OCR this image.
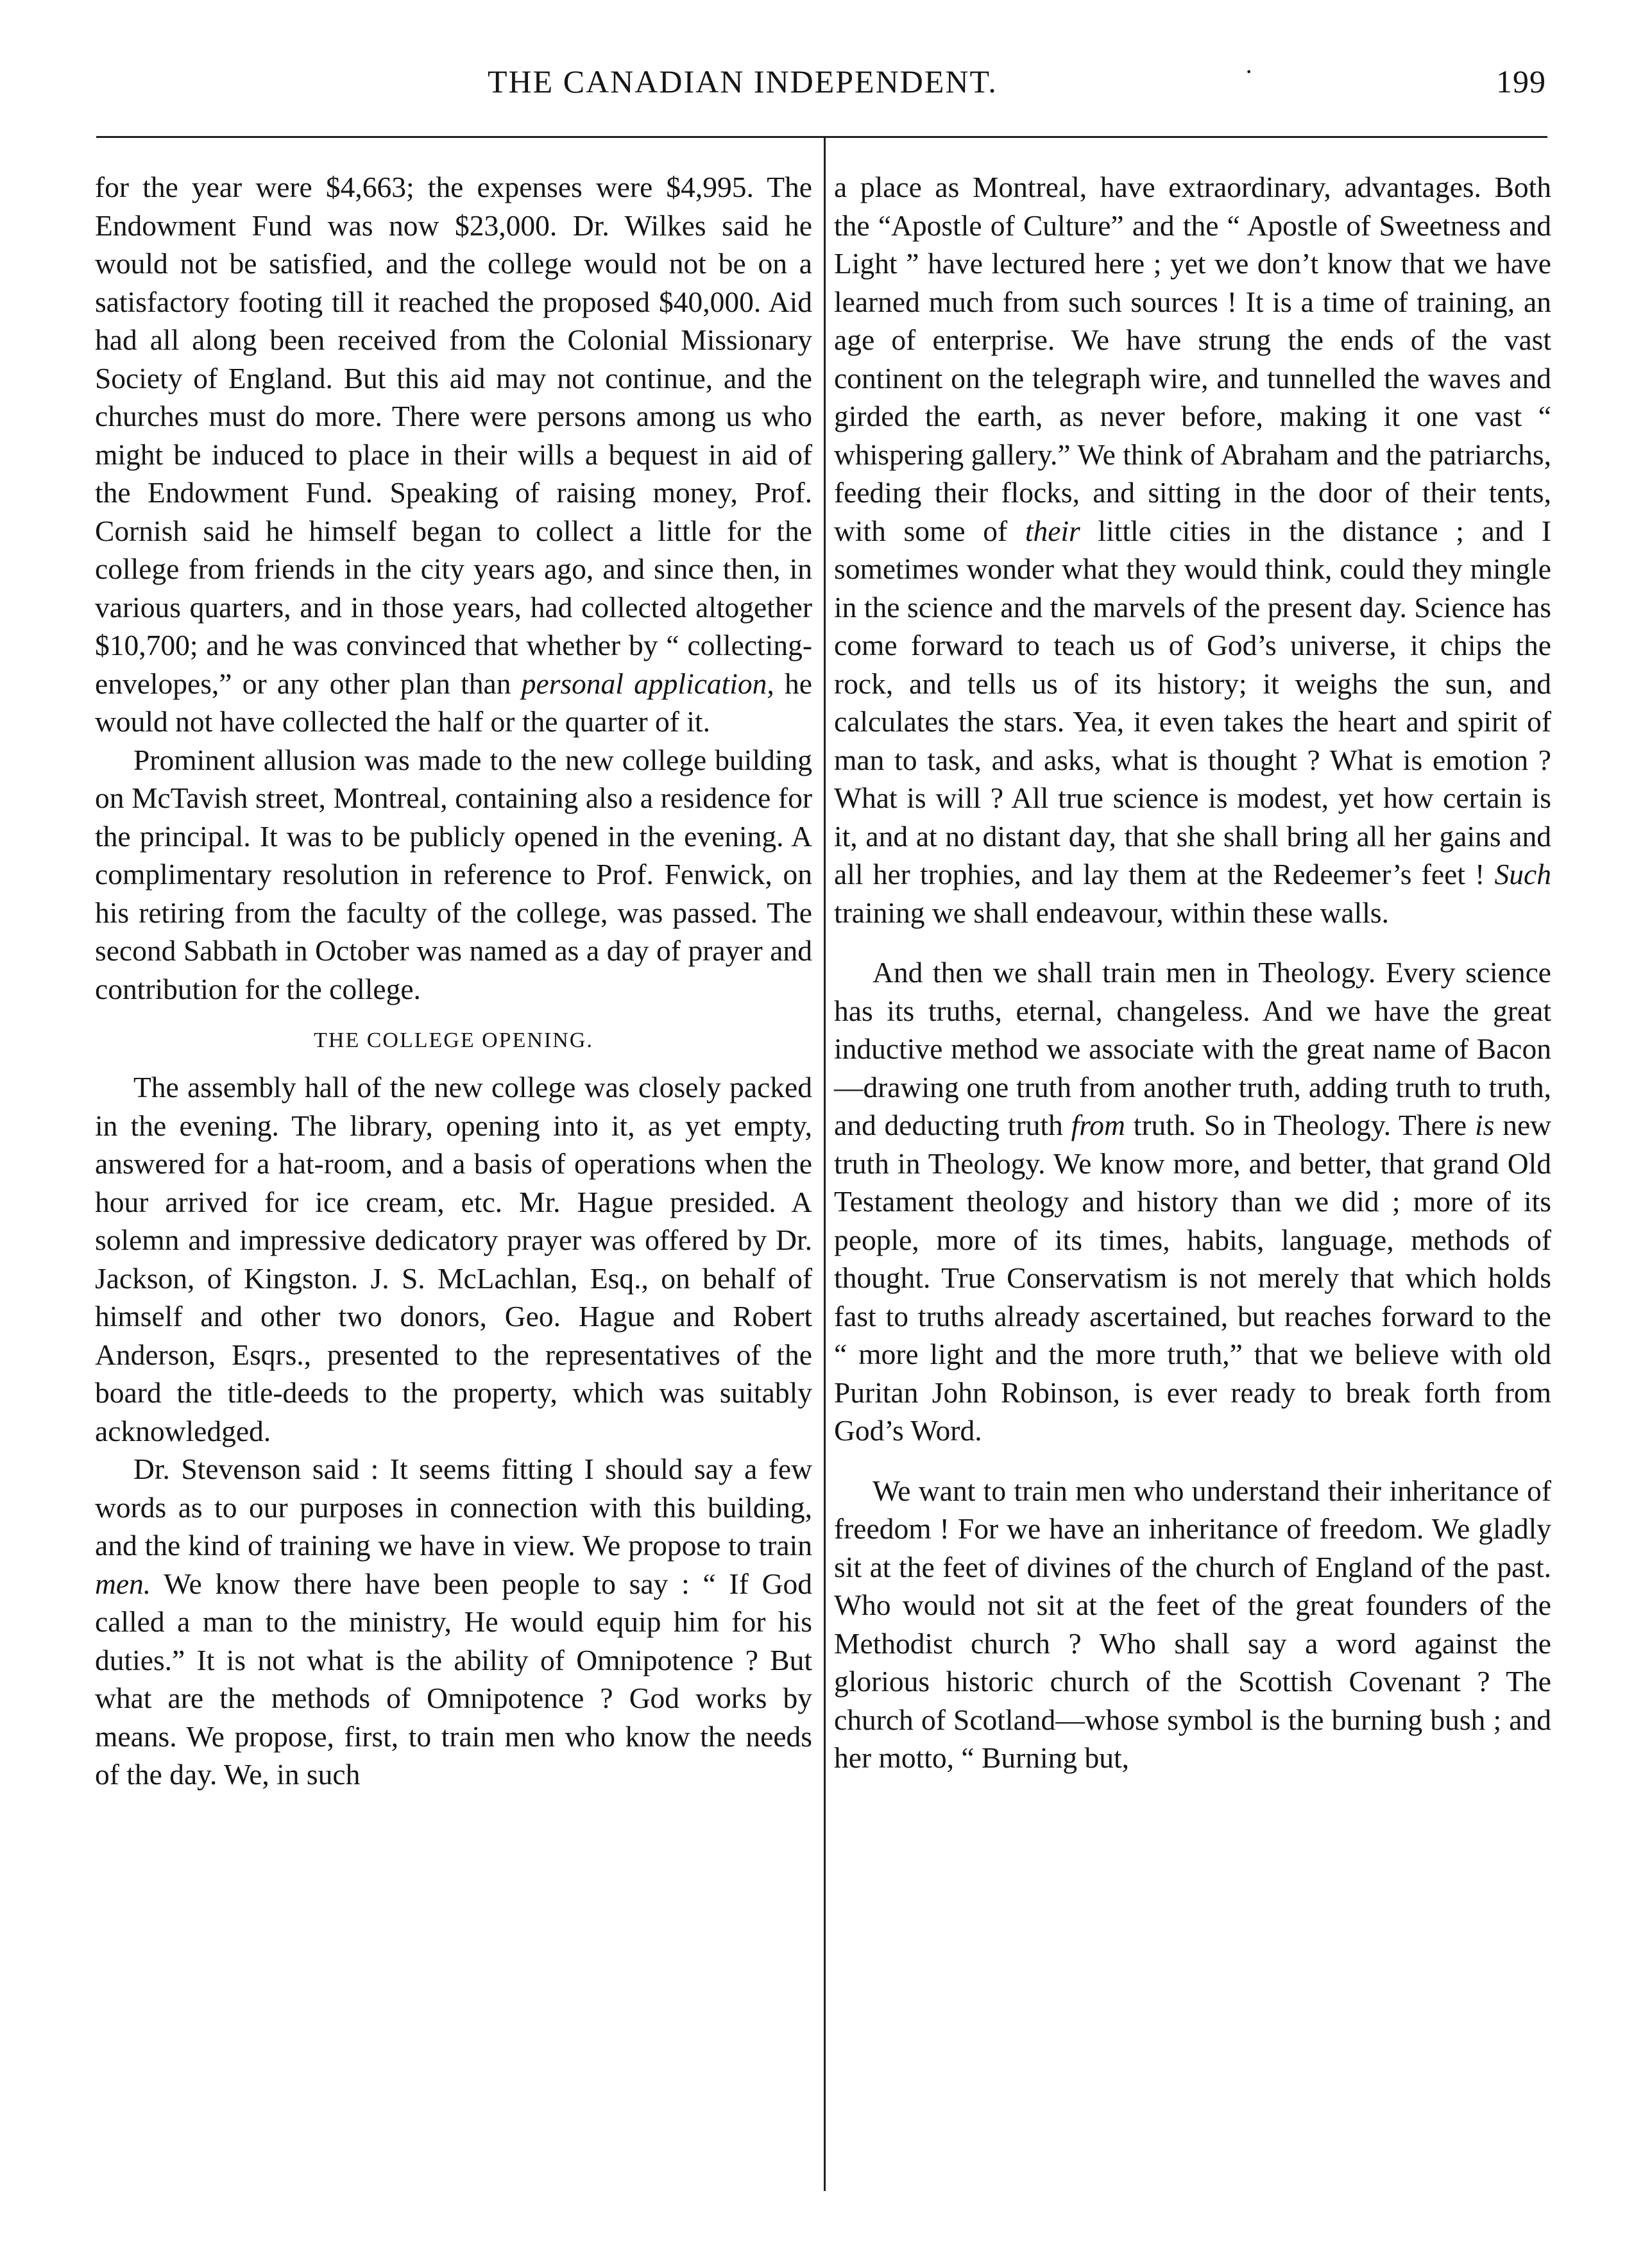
THE CANADIAN INDEPENDENT.	·	199

for the year were $4,663; the expenses were $4,995. The Endowment Fund was now $23,000. Dr. Wilkes said he would not be satisfied, and the college would not be on a satisfactory footing till it reached the proposed $40,000. Aid had all along been received from the Colonial Missionary Society of England. But this aid may not continue, and the churches must do more. There were persons among us who might be induced to place in their wills a bequest in aid of the Endowment Fund. Speaking of raising money, Prof. Cornish said he himself began to collect a little for the college from friends in the city years ago, and since then, in various quarters, and in those years, had collected altogether $10,700; and he was convinced that whether by “ collecting-envelopes,” or any other plan than personal application, he would not have collected the half or the quarter of it.

Prominent allusion was made to the new college building on McTavish street, Montreal, containing also a residence for the principal. It was to be publicly opened in the evening. A complimentary resolution in reference to Prof. Fenwick, on his retiring from the faculty of the college, was passed. The second Sabbath in October was named as a day of prayer and contribution for the college.

THE COLLEGE OPENING.

The assembly hall of the new college was closely packed in the evening. The library, opening into it, as yet empty, answered for a hat-room, and a basis of operations when the hour arrived for ice cream, etc. Mr. Hague presided. A solemn and impressive dedicatory prayer was offered by Dr. Jackson, of Kingston. J. S. McLachlan, Esq., on behalf of himself and other two donors, Geo. Hague and Robert Anderson, Esqrs., presented to the representatives of the board the title-deeds to the property, which was suitably acknowledged.

Dr. Stevenson said : It seems fitting I should say a few words as to our purposes in connection with this building, and the kind of training we have in view. We propose to train men. We know there have been people to say : “ If God called a man to the ministry, He would equip him for his duties.” It is not what is the ability of Omnipotence ? But what are the methods of Omnipotence ? God works by means. We propose, first, to train men who know the needs of the day. We, in such

a place as Montreal, have extraordinary, advantages. Both the “Apostle of Culture” and the “ Apostle of Sweetness and Light ” have lectured here ; yet we don’t know that we have learned much from such sources ! It is a time of training, an age of enterprise. We have strung the ends of the vast continent on the telegraph wire, and tunnelled the waves and girded the earth, as never before, making it one vast “ whispering gallery.” We think of Abraham and the patriarchs, feeding their flocks, and sitting in the door of their tents, with some of their little cities in the distance ; and I sometimes wonder what they would think, could they mingle in the science and the marvels of the present day. Science has come forward to teach us of God’s universe, it chips the rock, and tells us of its history; it weighs the sun, and calculates the stars. Yea, it even takes the heart and spirit of man to task, and asks, what is thought ? What is emotion ? What is will ? All true science is modest, yet how certain is it, and at no distant day, that she shall bring all her gains and all her trophies, and lay them at the Redeemer’s feet ! Such training we shall endeavour, within these walls.

And then we shall train men in Theology. Every science has its truths, eternal, changeless. And we have the great inductive method we associate with the great name of Bacon—drawing one truth from another truth, adding truth to truth, and deducting truth from truth. So in Theology. There is new truth in Theology. We know more, and better, that grand Old Testament theology and history than we did ; more of its people, more of its times, habits, language, methods of thought. True Conservatism is not merely that which holds fast to truths already ascertained, but reaches forward to the “ more light and the more truth,” that we believe with old Puritan John Robinson, is ever ready to break forth from God’s Word.

We want to train men who understand their inheritance of freedom ! For we have an inheritance of freedom. We gladly sit at the feet of divines of the church of England of the past. Who would not sit at the feet of the great founders of the Methodist church ? Who shall say a word against the glorious historic church of the Scottish Covenant ? The church of Scotland—whose symbol is the burning bush ; and her motto, “ Burning but,
